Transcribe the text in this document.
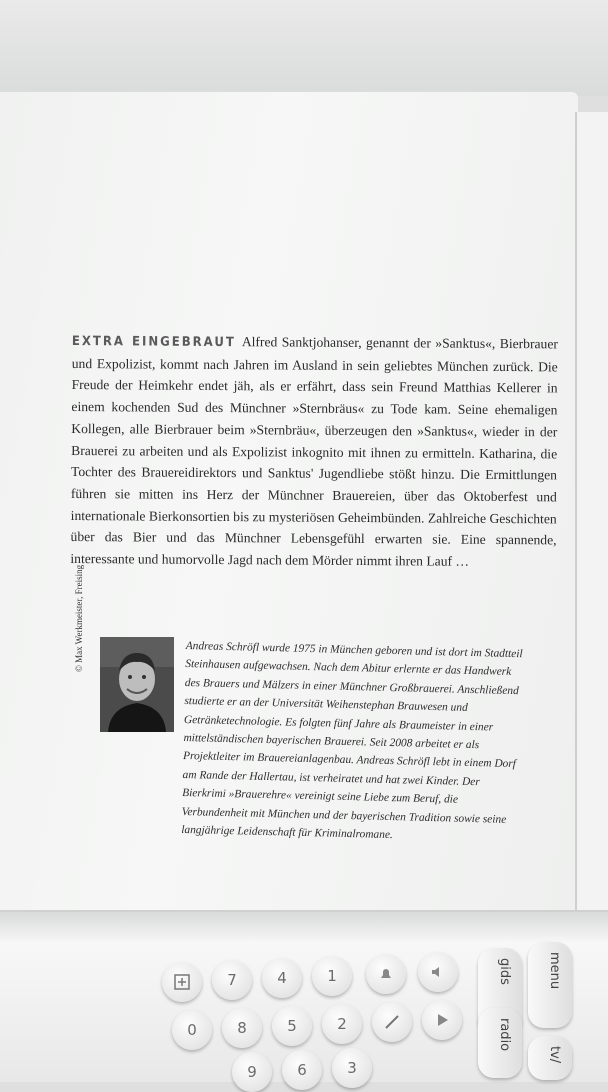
EXTRA EINGEBRAUT Alfred Sanktjohanser, genannt der »Sanktus«, Bierbrauer und Expolizist, kommt nach Jahren im Ausland in sein geliebtes München zurück. Die Freude der Heimkehr endet jäh, als er erfährt, dass sein Freund Matthias Kellerer in einem kochenden Sud des Münchner »Sternbräus« zu Tode kam. Seine ehemaligen Kollegen, alle Bierbrauer beim »Sternbräu«, überzeugen den »Sanktus«, wieder in der Brauerei zu arbeiten und als Expolizist inkognito mit ihnen zu ermitteln. Katharina, die Tochter des Brauereidirektors und Sanktus' Jugendliebe stößt hinzu. Die Ermittlungen führen sie mitten ins Herz der Münchner Brauereien, über das Oktoberfest und internationale Bierkonsortien bis zu mysteriösen Geheimbünden. Zahlreiche Geschichten über das Bier und das Münchner Lebensgefühl erwarten sie. Eine spannende, interessante und humorvolle Jagd nach dem Mörder nimmt ihren Lauf …
© Max Werkmeister, Freising	Andreas Schröfl wurde 1975 in München geboren und ist dort im Stadtteil Steinhausen aufgewachsen. Nach dem Abitur erlernte er das Handwerk des Brauers und Mälzers in einer Münchner Großbrauerei. Anschließend studierte er an der Universität Weihenstephan Brauwesen und Getränketechnologie. Es folgten fünf Jahre als Braumeister in einer mittelständischen bayerischen Brauerei. Seit 2008 arbeitet er als Projektleiter im Brauereianlagenbau. Andreas Schröfl lebt in einem Dorf am Rande der Hallertau, ist verheiratet und hat zwei Kinder. Der Bierkrimi »Brauerehre« vereinigt seine Liebe zum Beruf, die Verbundenheit mit München und der bayerischen Tradition sowie seine langjährige Leidenschaft für Kriminalromane.
7	4	1
0	8	5	2
9	6	3
gids
radio
menu
tv/
